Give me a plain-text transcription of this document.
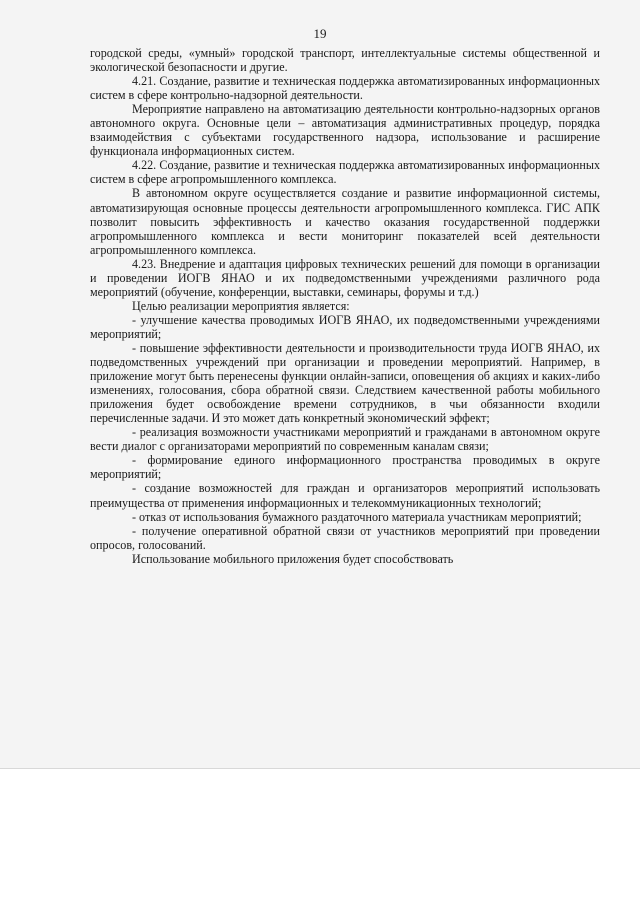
19

городской среды, «умный» городской транспорт, интеллектуальные системы общественной и экологической безопасности и другие.

4.21. Создание, развитие и техническая поддержка автоматизированных информационных систем в сфере контрольно-надзорной деятельности.

Мероприятие направлено на автоматизацию деятельности контрольно-надзорных органов автономного округа. Основные цели – автоматизация административных процедур, порядка взаимодействия с субъектами государственного надзора, использование и расширение функционала информационных систем.

4.22. Создание, развитие и техническая поддержка автоматизированных информационных систем в сфере агропромышленного комплекса.

В автономном округе осуществляется создание и развитие информационной системы, автоматизирующая основные процессы деятельности агропромышленного комплекса. ГИС АПК позволит повысить эффективность и качество оказания государственной поддержки агропромышленного комплекса и вести мониторинг показателей всей деятельности агропромышленного комплекса.

4.23. Внедрение и адаптация цифровых технических решений для помощи в организации и проведении ИОГВ ЯНАО и их подведомственными учреждениями различного рода мероприятий (обучение, конференции, выставки, семинары, форумы и т.д.)

Целью реализации мероприятия является:

- улучшение качества проводимых ИОГВ ЯНАО, их подведомственными учреждениями мероприятий;

- повышение эффективности деятельности и производительности труда ИОГВ ЯНАО, их подведомственных учреждений при организации и проведении мероприятий. Например, в приложение могут быть перенесены функции онлайн-записи, оповещения об акциях и каких-либо изменениях, голосования, сбора обратной связи. Следствием качественной работы мобильного приложения будет освобождение времени сотрудников, в чьи обязанности входили перечисленные задачи. И это может дать конкретный экономический эффект;

- реализация возможности участниками мероприятий и гражданами в автономном округе вести диалог с организаторами мероприятий по современным каналам связи;

- формирование единого информационного пространства проводимых в округе мероприятий;

- создание возможностей для граждан и организаторов мероприятий использовать преимущества от применения информационных и телекоммуникационных технологий;

- отказ от использования бумажного раздаточного материала участникам мероприятий;

- получение оперативной обратной связи от участников мероприятий при проведении опросов, голосований.

Использование мобильного приложения будет способствовать
